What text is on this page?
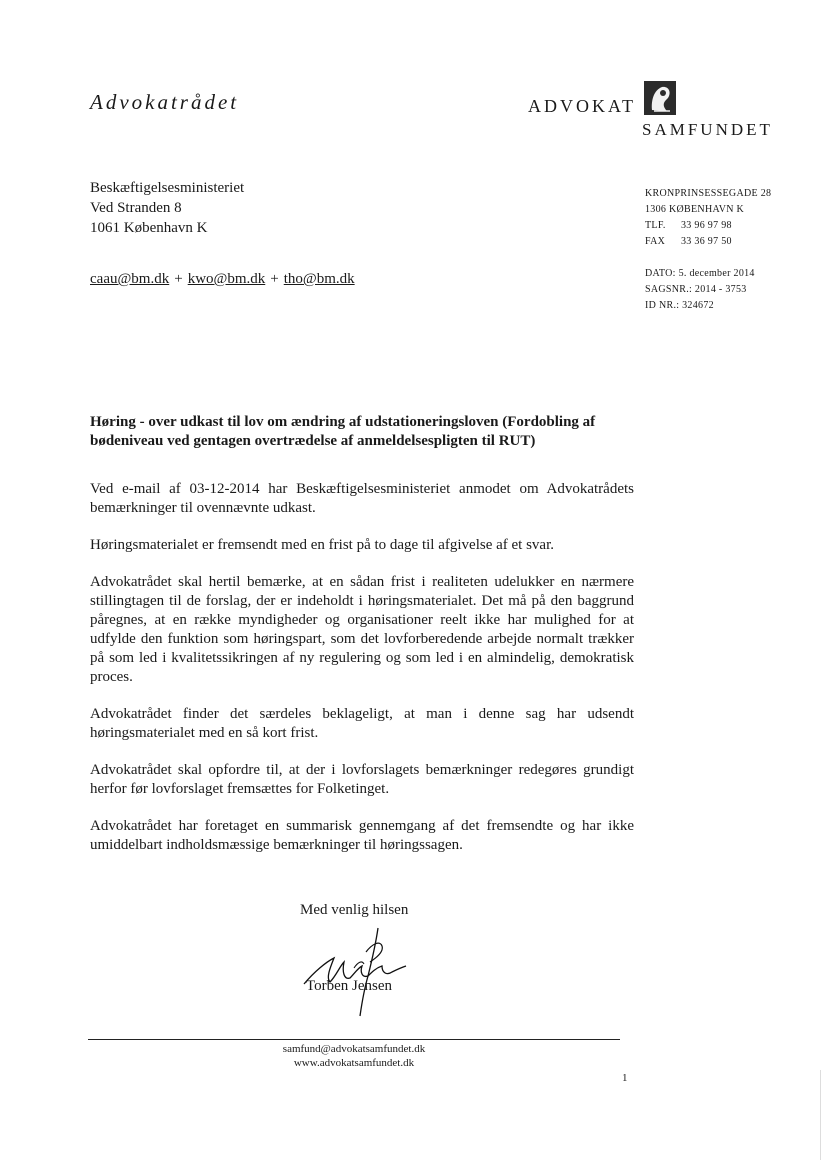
Advokatrådet	ADVOKAT
SAMFUNDET
Beskæftigelsesministeriet
Ved Stranden 8
1061 København K
caau@bm.dk + kwo@bm.dk + tho@bm.dk
KRONPRINSESSEGADE 28
1306 KØBENHAVN K
TLF. 33 96 97 98
FAX 33 36 97 50
DATO: 5. december 2014
SAGSNR.: 2014 - 3753
ID NR.: 324672
Høring - over udkast til lov om ændring af udstationeringsloven (Fordobling af bødeniveau ved gentagen overtrædelse af anmeldelsespligten til RUT)

Ved e-mail af 03-12-2014 har Beskæftigelsesministeriet anmodet om Advokatrådets bemærkninger til ovennævnte udkast.

Høringsmaterialet er fremsendt med en frist på to dage til afgivelse af et svar.

Advokatrådet skal hertil bemærke, at en sådan frist i realiteten udelukker en nærmere stillingtagen til de forslag, der er indeholdt i høringsmaterialet. Det må på den baggrund påregnes, at en række myndigheder og organisationer reelt ikke har mulighed for at udfylde den funktion som høringspart, som det lovforberedende arbejde normalt trækker på som led i kvalitetssikringen af ny regulering og som led i en almindelig, demokratisk proces.

Advokatrådet finder det særdeles beklageligt, at man i denne sag har udsendt høringsmaterialet med en så kort frist.

Advokatrådet skal opfordre til, at der i lovforslagets bemærkninger redegøres grundigt herfor før lovforslaget fremsættes for Folketinget.

Advokatrådet har foretaget en summarisk gennemgang af det fremsendte og har ikke umiddelbart indholdsmæssige bemærkninger til høringssagen.

Med venlig hilsen
Torben Jensen
samfund@advokatsamfundet.dk
www.advokatsamfundet.dk
1
